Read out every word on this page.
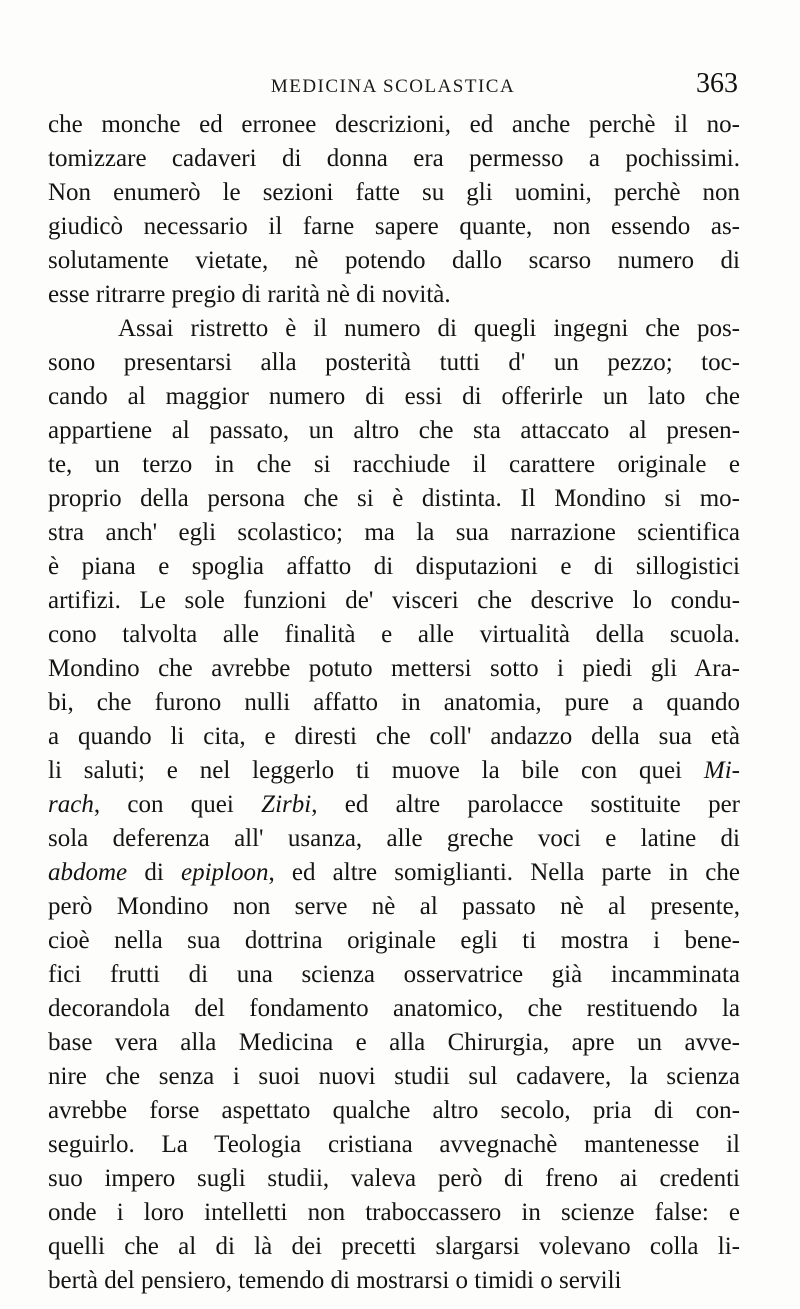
MEDICINA SCOLASTICA	363
che monche ed erronee descrizioni, ed anche perchè il no-
tomizzare cadaveri di donna era permesso a pochissimi.
Non enumerò le sezioni fatte su gli uomini, perchè non
giudicò necessario il farne sapere quante, non essendo as-
solutamente vietate, nè potendo dallo scarso numero di
esse ritrarre pregio di rarità nè di novità.
Assai ristretto è il numero di quegli ingegni che pos-
sono presentarsi alla posterità tutti d' un pezzo; toc-
cando al maggior numero di essi di offerirle un lato che
appartiene al passato, un altro che sta attaccato al presen-
te, un terzo in che si racchiude il carattere originale e
proprio della persona che si è distinta. Il Mondino si mo-
stra anch' egli scolastico; ma la sua narrazione scientifica
è piana e spoglia affatto di disputazioni e di sillogistici
artifizi. Le sole funzioni de' visceri che descrive lo condu-
cono talvolta alle finalità e alle virtualità della scuola.
Mondino che avrebbe potuto mettersi sotto i piedi gli Ara-
bi, che furono nulli affatto in anatomia, pure a quando
a quando li cita, e diresti che coll' andazzo della sua età
li saluti; e nel leggerlo ti muove la bile con quei Mi-
rach, con quei Zirbi, ed altre parolacce sostituite per
sola deferenza all' usanza, alle greche voci e latine di
abdome di epiploon, ed altre somiglianti. Nella parte in che
però Mondino non serve nè al passato nè al presente,
cioè nella sua dottrina originale egli ti mostra i bene-
fici frutti di una scienza osservatrice già incamminata
decorandola del fondamento anatomico, che restituendo la
base vera alla Medicina e alla Chirurgia, apre un avve-
nire che senza i suoi nuovi studii sul cadavere, la scienza
avrebbe forse aspettato qualche altro secolo, pria di con-
seguirlo. La Teologia cristiana avvegnachè mantenesse il
suo impero sugli studii, valeva però di freno ai credenti
onde i loro intelletti non traboccassero in scienze false: e
quelli che al di là dei precetti slargarsi volevano colla li-
bertà del pensiero, temendo di mostrarsi o timidi o servili
